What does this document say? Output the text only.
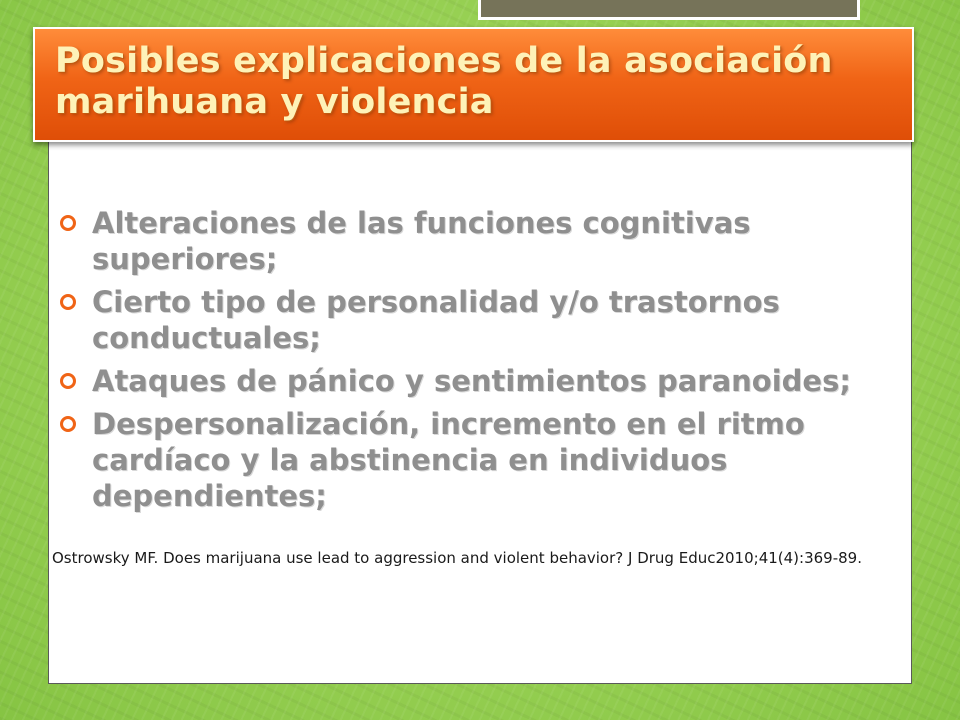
Posibles explicaciones de la asociación marihuana y violencia
Alteraciones de las funciones cognitivas superiores;
Cierto tipo de personalidad y/o trastornos conductuales;
Ataques de pánico y sentimientos paranoides;
Despersonalización, incremento en el ritmo cardíaco y la abstinencia en individuos dependientes;

Ostrowsky MF. Does marijuana use lead to aggression and violent behavior? J Drug Educ2010;41(4):369-89.
